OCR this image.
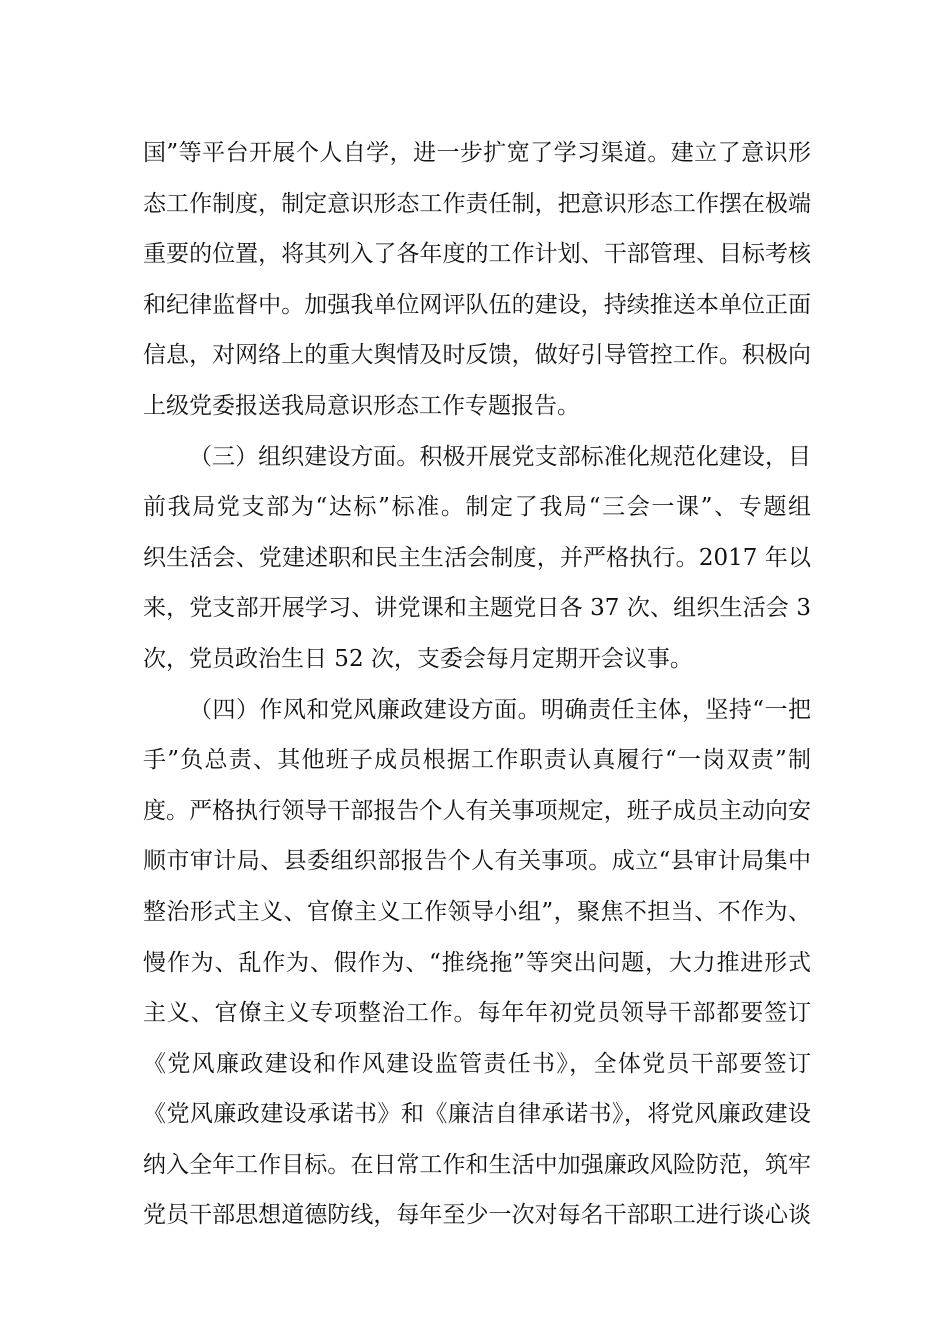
国”等平台开展个人自学，进一步扩宽了学习渠道。建立了意识形
态工作制度，制定意识形态工作责任制，把意识形态工作摆在极端
重要的位置，将其列入了各年度的工作计划、干部管理、目标考核
和纪律监督中。加强我单位网评队伍的建设，持续推送本单位正面
信息，对网络上的重大舆情及时反馈，做好引导管控工作。积极向
上级党委报送我局意识形态工作专题报告。
（三）组织建设方面。积极开展党支部标准化规范化建设，目
前我局党支部为“达标”标准。制定了我局“三会一课”、专题组
织生活会、党建述职和民主生活会制度，并严格执行。2017 年以
来，党支部开展学习、讲党课和主题党日各 37 次、组织生活会 3
次，党员政治生日 52 次，支委会每月定期开会议事。
（四）作风和党风廉政建设方面。明确责任主体，坚持“一把
手”负总责、其他班子成员根据工作职责认真履行“一岗双责”制
度。严格执行领导干部报告个人有关事项规定，班子成员主动向安
顺市审计局、县委组织部报告个人有关事项。成立“县审计局集中
整治形式主义、官僚主义工作领导小组”，聚焦不担当、不作为、
慢作为、乱作为、假作为、“推绕拖”等突出问题，大力推进形式
主义、官僚主义专项整治工作。每年年初党员领导干部都要签订
《党风廉政建设和作风建设监管责任书》，全体党员干部要签订
《党风廉政建设承诺书》和《廉洁自律承诺书》，将党风廉政建设
纳入全年工作目标。在日常工作和生活中加强廉政风险防范，筑牢
党员干部思想道德防线，每年至少一次对每名干部职工进行谈心谈
